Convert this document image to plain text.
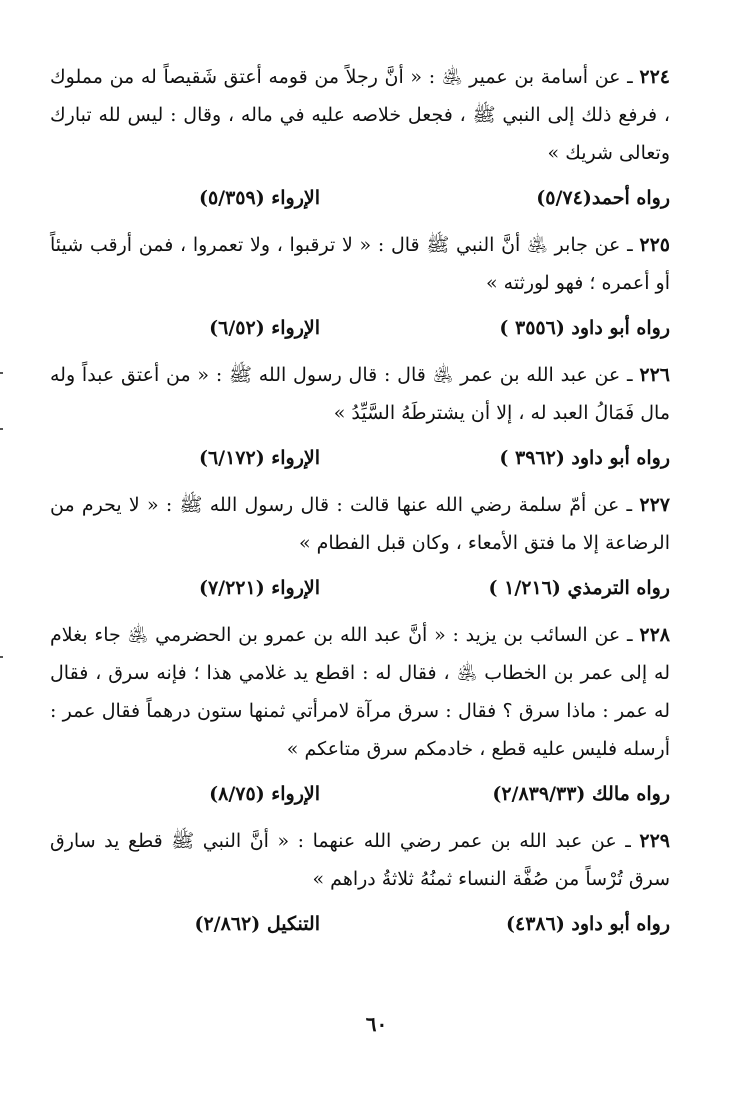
٢٢٤ ـ عن أسامة بن عمير ﵁ : « أنَّ رجلاً من قومه أعتق شَقيصاً له من مملوك ، فرفع ذلك إلى النبي ﷺ ، فجعل خلاصه عليه في ماله ، وقال : ليس لله تبارك وتعالى شريك »

رواه أحمد(٥/٧٤)
الإرواء (٥/٣٥٩)

٢٢٥ ـ عن جابر ﵁ أنَّ النبي ﷺ قال : « لا ترقبوا ، ولا تعمروا ، فمن أرقب شيئاً أو أعمره ؛ فهو لورثته »

رواه أبو داود (٣٥٥٦ )
الإرواء (٦/٥٢)

٢٢٦ ـ عن عبد الله بن عمر ﵁ قال : قال رسول الله ﷺ : « من أعتق عبداً وله مال فَمَالُ العبد له ، إلا أن يشترطَهُ السَّيِّدُ »

رواه أبو داود (٣٩٦٢ )
الإرواء (٦/١٧٢)

٢٢٧ ـ عن أمّ سلمة رضي الله عنها قالت : قال رسول الله ﷺ : « لا يحرم من الرضاعة إلا ما فتق الأمعاء ، وكان قبل الفطام »

رواه الترمذي (١/٢١٦ )
الإرواء (٧/٢٢١)

٢٢٨ ـ عن السائب بن يزيد : « أنَّ عبد الله بن عمرو بن الحضرمي ﵁ جاء بغلام له إلى عمر بن الخطاب ﵁ ، فقال له : اقطع يد غلامي هذا ؛ فإنه سرق ، فقال له عمر : ماذا سرق ؟ فقال : سرق مرآة لامرأتي ثمنها ستون درهماً فقال عمر : أرسله فليس عليه قطع ، خادمكم سرق متاعكم »

رواه مالك (٢/٨٣٩/٣٣)
الإرواء (٨/٧٥)

٢٢٩ ـ عن عبد الله بن عمر رضي الله عنهما : « أنَّ النبي ﷺ قطع يد سارق سرق تُرْساً من صُفَّة النساء ثمنُهُ ثلاثةُ دراهم »

رواه أبو داود (٤٣٨٦)
التنكيل (٢/٨٦٢)
٦٠
